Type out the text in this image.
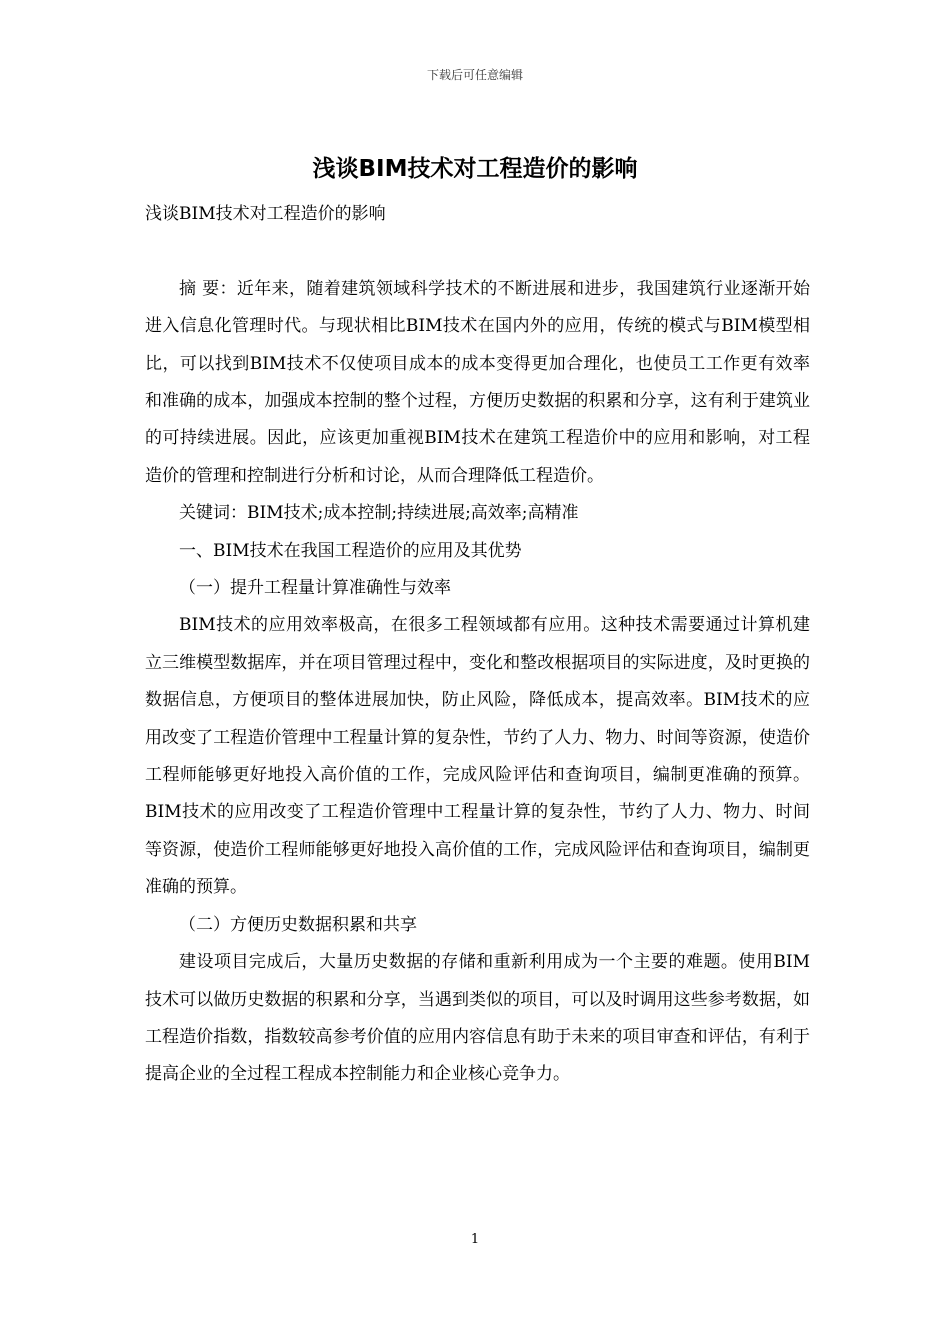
下载后可任意编辑
浅谈BIM技术对工程造价的影响

浅谈BIM技术对工程造价的影响

摘 要：近年来，随着建筑领域科学技术的不断进展和进步，我国建筑行业逐渐开始进入信息化管理时代。与现状相比BIM技术在国内外的应用，传统的模式与BIM模型相比，可以找到BIM技术不仅使项目成本的成本变得更加合理化，也使员工工作更有效率和准确的成本，加强成本控制的整个过程，方便历史数据的积累和分享，这有利于建筑业的可持续进展。因此，应该更加重视BIM技术在建筑工程造价中的应用和影响，对工程造价的管理和控制进行分析和讨论，从而合理降低工程造价。

关键词：BIM技术;成本控制;持续进展;高效率;高精准

一、BIM技术在我国工程造价的应用及其优势

（一）提升工程量计算准确性与效率

BIM技术的应用效率极高，在很多工程领域都有应用。这种技术需要通过计算机建立三维模型数据库，并在项目管理过程中，变化和整改根据项目的实际进度，及时更换的数据信息，方便项目的整体进展加快，防止风险，降低成本，提高效率。BIM技术的应用改变了工程造价管理中工程量计算的复杂性，节约了人力、物力、时间等资源，使造价工程师能够更好地投入高价值的工作，完成风险评估和查询项目，编制更准确的预算。BIM技术的应用改变了工程造价管理中工程量计算的复杂性，节约了人力、物力、时间等资源，使造价工程师能够更好地投入高价值的工作，完成风险评估和查询项目，编制更准确的预算。

（二）方便历史数据积累和共享

建设项目完成后，大量历史数据的存储和重新利用成为一个主要的难题。使用BIM技术可以做历史数据的积累和分享，当遇到类似的项目，可以及时调用这些参考数据，如工程造价指数，指数较高参考价值的应用内容信息有助于未来的项目审查和评估，有利于提高企业的全过程工程成本控制能力和企业核心竞争力。

1
